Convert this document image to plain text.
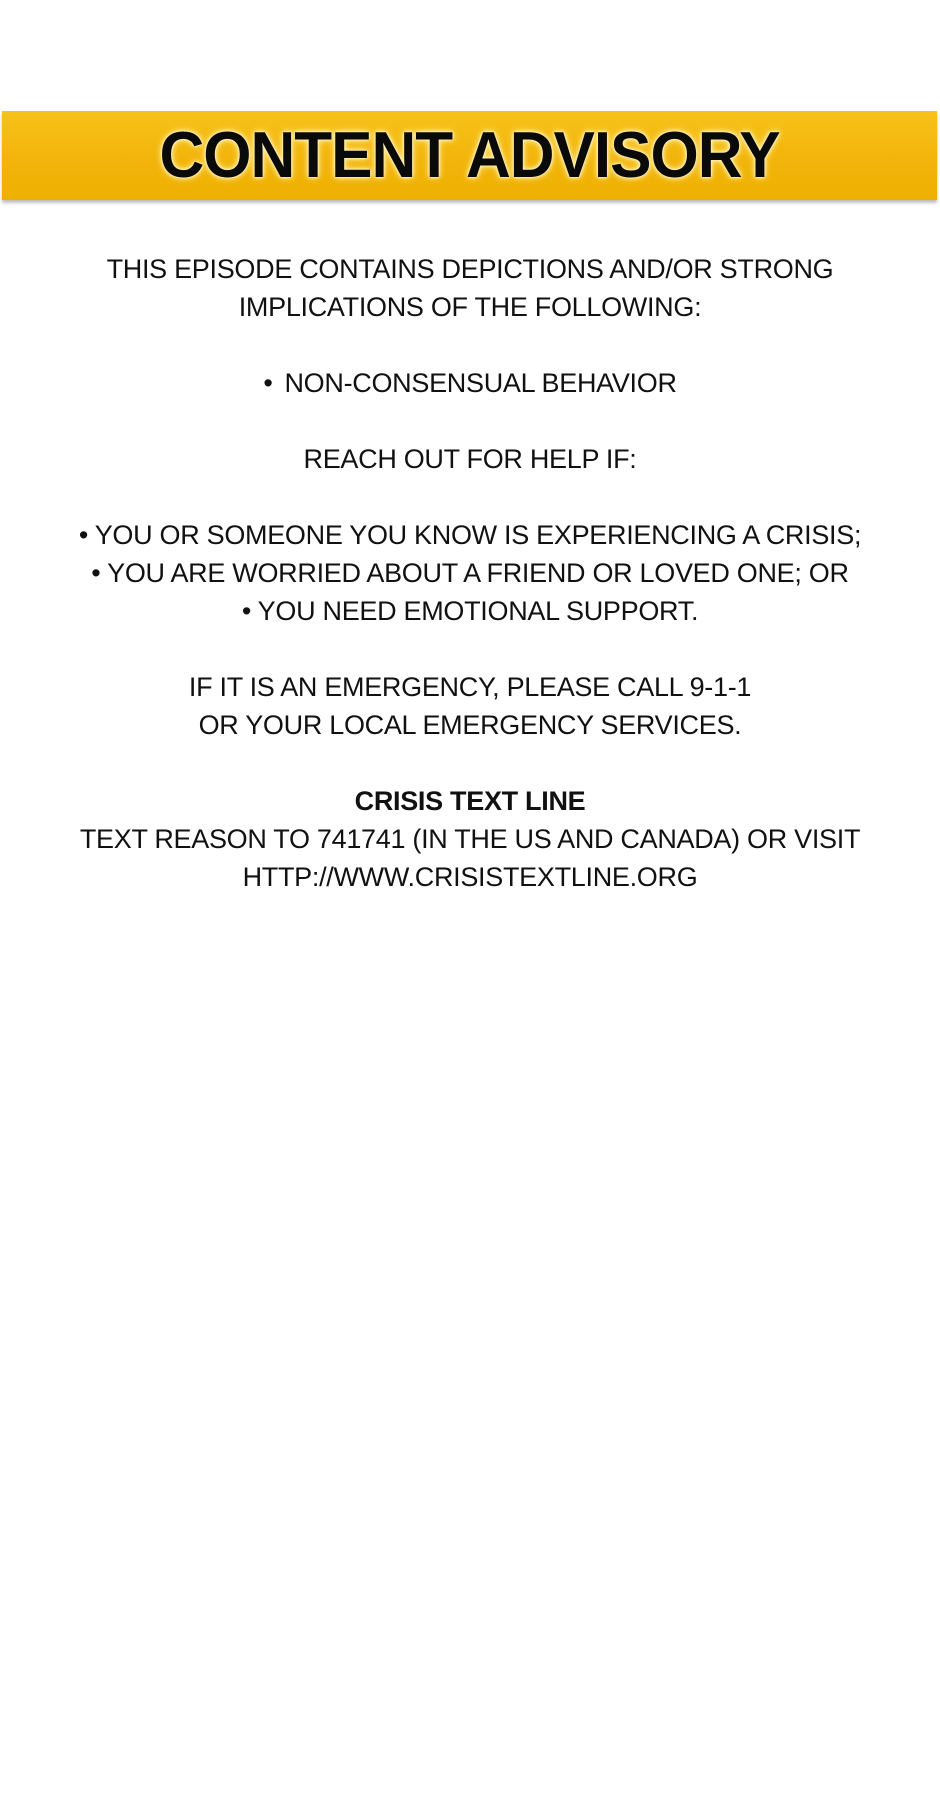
CONTENT ADVISORY

THIS EPISODE CONTAINS DEPICTIONS AND/OR STRONG
IMPLICATIONS OF THE FOLLOWING:

• NON-CONSENSUAL BEHAVIOR

REACH OUT FOR HELP IF:

• YOU OR SOMEONE YOU KNOW IS EXPERIENCING A CRISIS;
• YOU ARE WORRIED ABOUT A FRIEND OR LOVED ONE; OR
• YOU NEED EMOTIONAL SUPPORT.

IF IT IS AN EMERGENCY, PLEASE CALL 9-1-1
OR YOUR LOCAL EMERGENCY SERVICES.

CRISIS TEXT LINE
TEXT REASON TO 741741 (IN THE US AND CANADA) OR VISIT
HTTP://WWW.CRISISTEXTLINE.ORG
